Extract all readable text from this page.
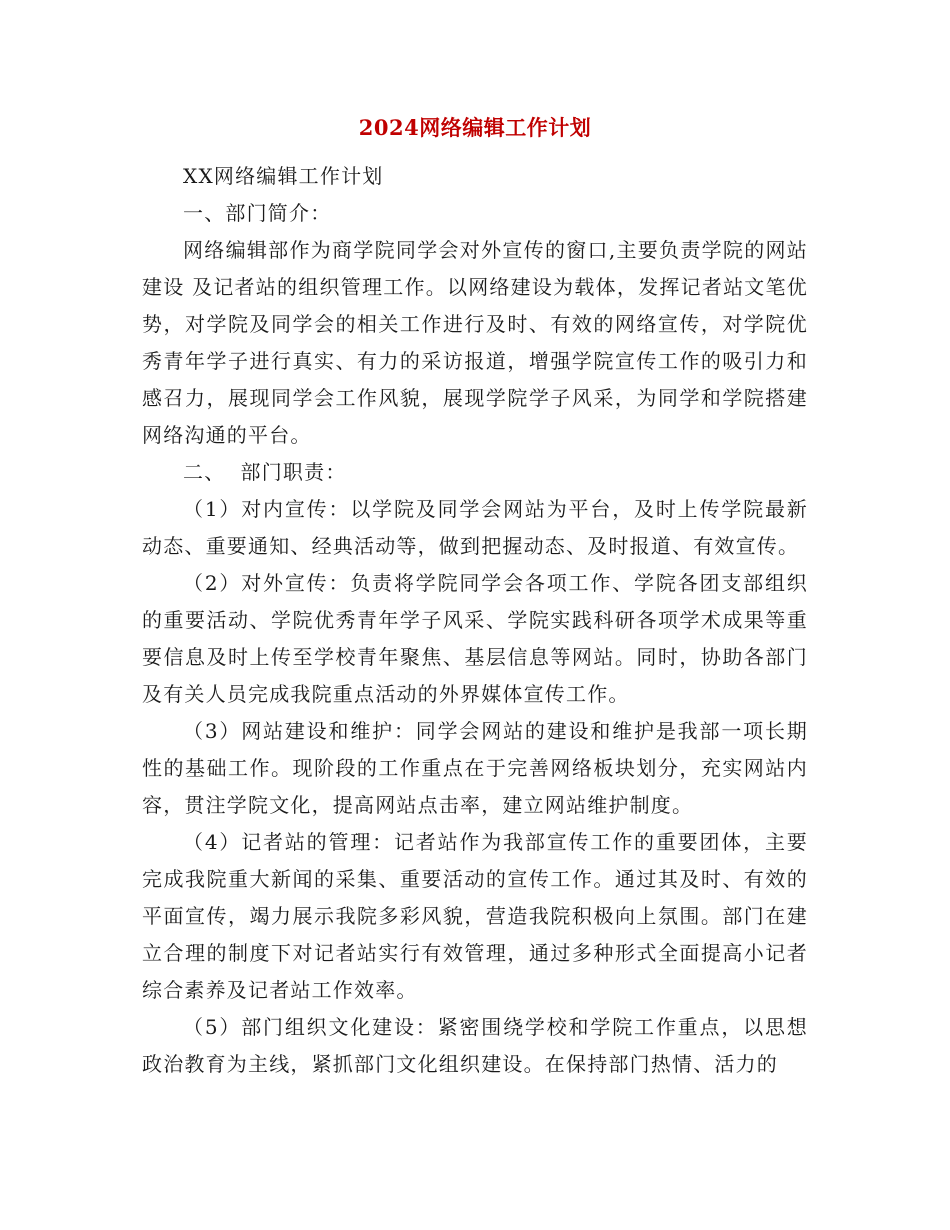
2024网络编辑工作计划

XX网络编辑工作计划

一、部门简介：

网络编辑部作为商学院同学会对外宣传的窗口,主要负责学院的网站建设 及记者站的组织管理工作。以网络建设为载体，发挥记者站文笔优势，对学院及同学会的相关工作进行及时、有效的网络宣传，对学院优秀青年学子进行真实、有力的采访报道，增强学院宣传工作的吸引力和感召力，展现同学会工作风貌，展现学院学子风采，为同学和学院搭建网络沟通的平台。

二、  部门职责：

（1）对内宣传：以学院及同学会网站为平台，及时上传学院最新动态、重要通知、经典活动等，做到把握动态、及时报道、有效宣传。

（2）对外宣传：负责将学院同学会各项工作、学院各团支部组织的重要活动、学院优秀青年学子风采、学院实践科研各项学术成果等重要信息及时上传至学校青年聚焦、基层信息等网站。同时，协助各部门及有关人员完成我院重点活动的外界媒体宣传工作。

（3）网站建设和维护：同学会网站的建设和维护是我部一项长期性的基础工作。现阶段的工作重点在于完善网络板块划分，充实网站内容，贯注学院文化，提高网站点击率，建立网站维护制度。

（4）记者站的管理：记者站作为我部宣传工作的重要团体，主要完成我院重大新闻的采集、重要活动的宣传工作。通过其及时、有效的平面宣传，竭力展示我院多彩风貌，营造我院积极向上氛围。部门在建立合理的制度下对记者站实行有效管理，通过多种形式全面提高小记者综合素养及记者站工作效率。

（5）部门组织文化建设：紧密围绕学校和学院工作重点，以思想政治教育为主线，紧抓部门文化组织建设。在保持部门热情、活力的
